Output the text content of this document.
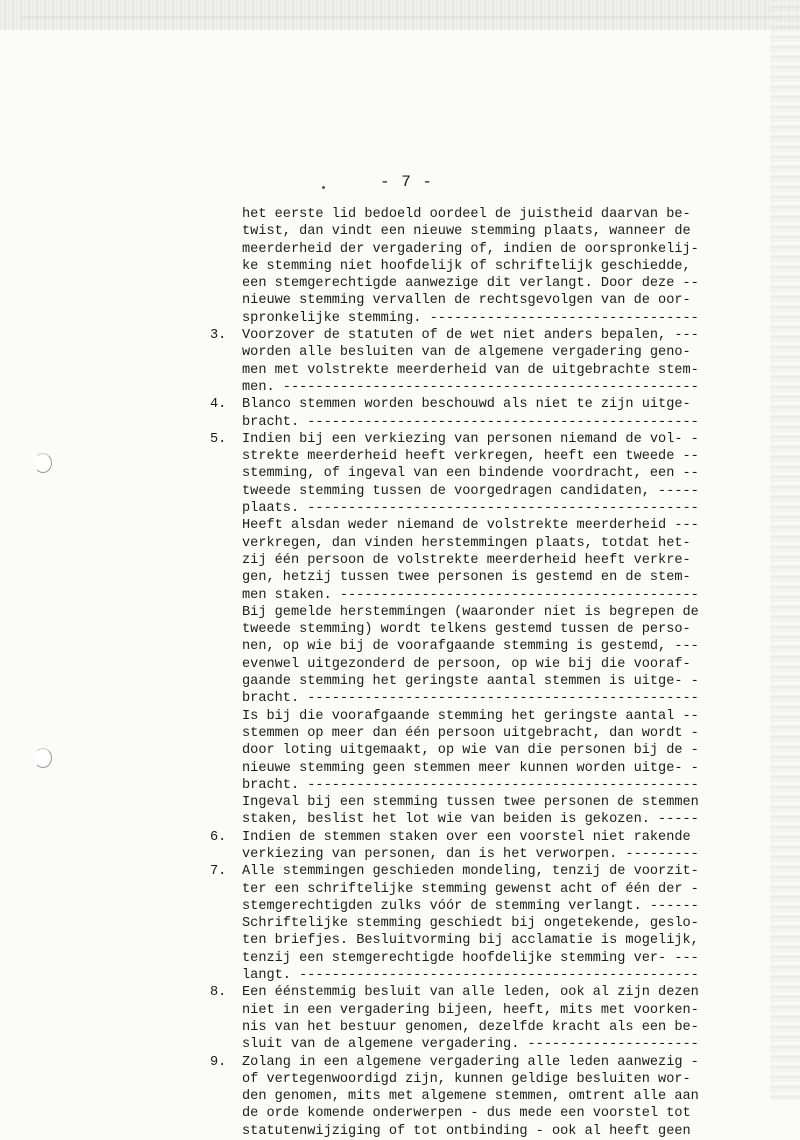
- 7 -
het eerste lid bedoeld oordeel de juistheid daarvan be-
twist, dan vindt een nieuwe stemming plaats, wanneer de
meerderheid der vergadering of, indien de oorspronkelij-
ke stemming niet hoofdelijk of schriftelijk geschiedde,
een stemgerechtigde aanwezige dit verlangt. Door deze --
nieuwe stemming vervallen de rechtsgevolgen van de oor-
spronkelijke stemming. ---------------------------------
3.	Voorzover de statuten of de wet niet anders bepalen, ---
worden alle besluiten van de algemene vergadering geno-
men met volstrekte meerderheid van de uitgebrachte stem-
men. ---------------------------------------------------
4.	Blanco stemmen worden beschouwd als niet te zijn uitge-
bracht. ------------------------------------------------
5.	Indien bij een verkiezing van personen niemand de vol- -
strekte meerderheid heeft verkregen, heeft een tweede --
stemming, of ingeval van een bindende voordracht, een --
tweede stemming tussen de voorgedragen candidaten, -----
plaats. ------------------------------------------------
Heeft alsdan weder niemand de volstrekte meerderheid ---
verkregen, dan vinden herstemmingen plaats, totdat het-
zij één persoon de volstrekte meerderheid heeft verkre-
gen, hetzij tussen twee personen is gestemd en de stem-
men staken. --------------------------------------------
Bij gemelde herstemmingen (waaronder niet is begrepen de
tweede stemming) wordt telkens gestemd tussen de perso-
nen, op wie bij de voorafgaande stemming is gestemd, ---
evenwel uitgezonderd de persoon, op wie bij die vooraf-
gaande stemming het geringste aantal stemmen is uitge- -
bracht. ------------------------------------------------
Is bij die voorafgaande stemming het geringste aantal --
stemmen op meer dan één persoon uitgebracht, dan wordt -
door loting uitgemaakt, op wie van die personen bij de -
nieuwe stemming geen stemmen meer kunnen worden uitge- -
bracht. ------------------------------------------------
Ingeval bij een stemming tussen twee personen de stemmen
staken, beslist het lot wie van beiden is gekozen. -----
6.	Indien de stemmen staken over een voorstel niet rakende
verkiezing van personen, dan is het verworpen. ---------
7.	Alle stemmingen geschieden mondeling, tenzij de voorzit-
ter een schriftelijke stemming gewenst acht of één der -
stemgerechtigden zulks vóór de stemming verlangt. ------
Schriftelijke stemming geschiedt bij ongetekende, geslo-
ten briefjes. Besluitvorming bij acclamatie is mogelijk,
tenzij een stemgerechtigde hoofdelijke stemming ver- ---
langt. -------------------------------------------------
8.	Een éénstemmig besluit van alle leden, ook al zijn dezen
niet in een vergadering bijeen, heeft, mits met voorken-
nis van het bestuur genomen, dezelfde kracht als een be-
sluit van de algemene vergadering. ---------------------
9.	Zolang in een algemene vergadering alle leden aanwezig -
of vertegenwoordigd zijn, kunnen geldige besluiten wor-
den genomen, mits met algemene stemmen, omtrent alle aan
de orde komende onderwerpen - dus mede een voorstel tot
statutenwijziging of tot ontbinding - ook al heeft geen
